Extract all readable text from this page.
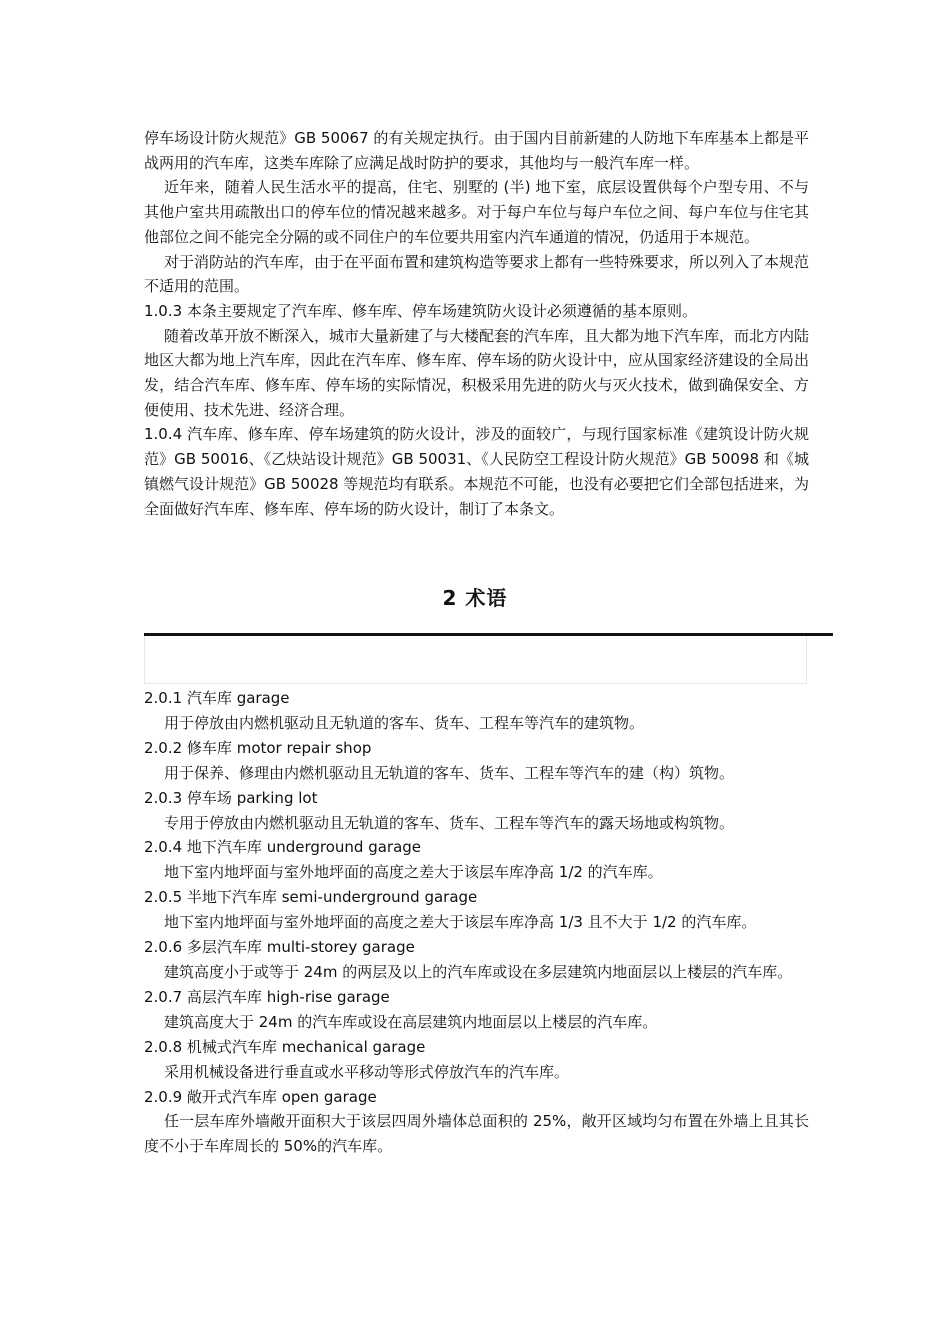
停车场设计防火规范》GB 50067 的有关规定执行。由于国内目前新建的人防地下车库基本上都是平战两用的汽车库，这类车库除了应满足战时防护的要求，其他均与一般汽车库一样。

近年来，随着人民生活水平的提高，住宅、别墅的 (半) 地下室，底层设置供每个户型专用、不与其他户室共用疏散出口的停车位的情况越来越多。对于每户车位与每户车位之间、每户车位与住宅其他部位之间不能完全分隔的或不同住户的车位要共用室内汽车通道的情况，仍适用于本规范。

对于消防站的汽车库，由于在平面布置和建筑构造等要求上都有一些特殊要求，所以列入了本规范不适用的范围。

1.0.3 本条主要规定了汽车库、修车库、停车场建筑防火设计必须遵循的基本原则。

随着改革开放不断深入，城市大量新建了与大楼配套的汽车库，且大都为地下汽车库，而北方内陆地区大都为地上汽车库，因此在汽车库、修车库、停车场的防火设计中，应从国家经济建设的全局出发，结合汽车库、修车库、停车场的实际情况，积极采用先进的防火与灭火技术，做到确保安全、方便使用、技术先进、经济合理。

1.0.4 汽车库、修车库、停车场建筑的防火设计，涉及的面较广，与现行国家标准《建筑设计防火规范》GB 50016、《乙炔站设计规范》GB 50031、《人民防空工程设计防火规范》GB 50098 和《城镇燃气设计规范》GB 50028 等规范均有联系。本规范不可能，也没有必要把它们全部包括进来，为全面做好汽车库、修车库、停车场的防火设计，制订了本条文。

2 术语

2.0.1 汽车库 garage

用于停放由内燃机驱动且无轨道的客车、货车、工程车等汽车的建筑物。

2.0.2 修车库 motor repair shop

用于保养、修理由内燃机驱动且无轨道的客车、货车、工程车等汽车的建（构）筑物。

2.0.3 停车场 parking lot

专用于停放由内燃机驱动且无轨道的客车、货车、工程车等汽车的露天场地或构筑物。

2.0.4 地下汽车库 underground garage

地下室内地坪面与室外地坪面的高度之差大于该层车库净高 1/2 的汽车库。

2.0.5 半地下汽车库 semi-underground garage

地下室内地坪面与室外地坪面的高度之差大于该层车库净高 1/3 且不大于 1/2 的汽车库。

2.0.6 多层汽车库 multi-storey garage

建筑高度小于或等于 24m 的两层及以上的汽车库或设在多层建筑内地面层以上楼层的汽车库。

2.0.7 高层汽车库 high-rise garage

建筑高度大于 24m 的汽车库或设在高层建筑内地面层以上楼层的汽车库。

2.0.8 机械式汽车库 mechanical garage

采用机械设备进行垂直或水平移动等形式停放汽车的汽车库。

2.0.9 敞开式汽车库 open garage

任一层车库外墙敞开面积大于该层四周外墙体总面积的 25%，敞开区域均匀布置在外墙上且其长度不小于车库周长的 50%的汽车库。
